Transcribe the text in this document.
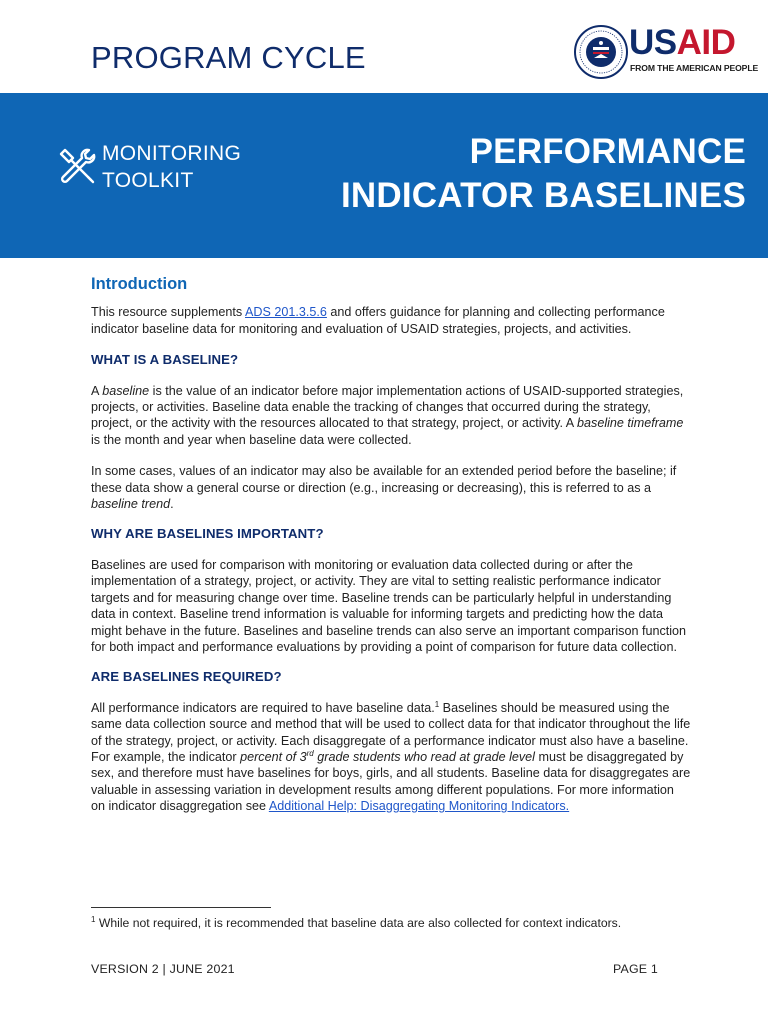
PROGRAM CYCLE	USAID
FROM THE AMERICAN PEOPLE
MONITORING
TOOLKIT
PERFORMANCE
INDICATOR BASELINES
Introduction

This resource supplements ADS 201.3.5.6 and offers guidance for planning and collecting performance indicator baseline data for monitoring and evaluation of USAID strategies, projects, and activities.

WHAT IS A BASELINE?

A baseline is the value of an indicator before major implementation actions of USAID-supported strategies, projects, or activities. Baseline data enable the tracking of changes that occurred during the strategy, project, or the activity with the resources allocated to that strategy, project, or activity. A baseline timeframe is the month and year when baseline data were collected.

In some cases, values of an indicator may also be available for an extended period before the baseline; if these data show a general course or direction (e.g., increasing or decreasing), this is referred to as a baseline trend.

WHY ARE BASELINES IMPORTANT?

Baselines are used for comparison with monitoring or evaluation data collected during or after the implementation of a strategy, project, or activity. They are vital to setting realistic performance indicator targets and for measuring change over time. Baseline trends can be particularly helpful in understanding data in context. Baseline trend information is valuable for informing targets and predicting how the data might behave in the future. Baselines and baseline trends can also serve an important comparison function for both impact and performance evaluations by providing a point of comparison for future data collection.

ARE BASELINES REQUIRED?

All performance indicators are required to have baseline data.$^1$ Baselines should be measured using the same data collection source and method that will be used to collect data for that indicator throughout the life of the strategy, project, or activity. Each disaggregate of a performance indicator must also have a baseline. For example, the indicator percent of 3rd grade students who read at grade level must be disaggregated by sex, and therefore must have baselines for boys, girls, and all students. Baseline data for disaggregates are valuable in assessing variation in development results among different populations. For more information on indicator disaggregation see Additional Help: Disaggregating Monitoring Indicators.

$^1$ While not required, it is recommended that baseline data are also collected for context indicators.
VERSION 2 | JUNE 2021	PAGE 1
